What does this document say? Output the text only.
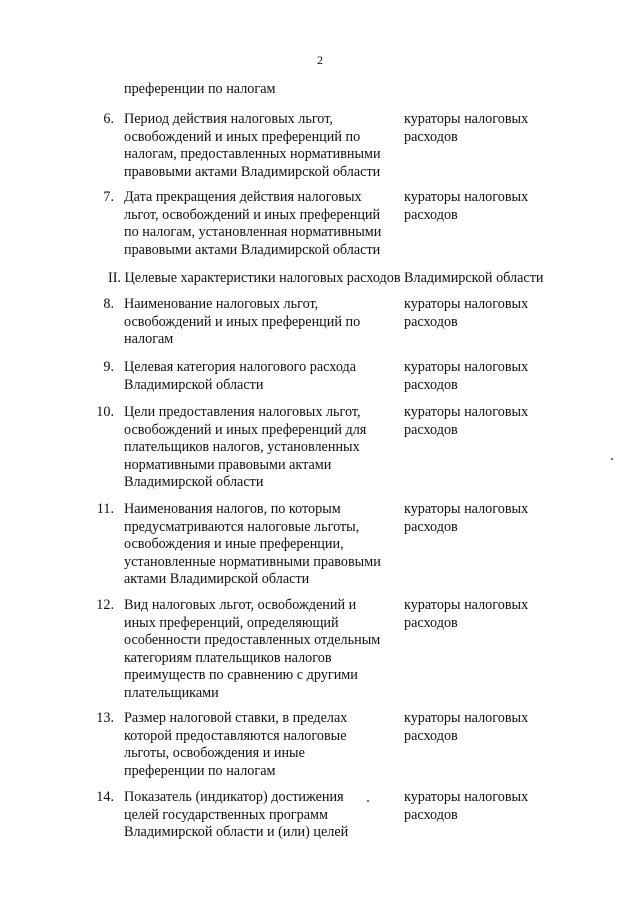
2
преференции по налогам
II. Целевые характеристики налоговых расходов Владимирской области
6. Период действия налоговых льгот,
освобождений и иных преференций по
налогам, предоставленных нормативными
правовыми актами Владимирской области
кураторы налоговых
расходов
7. Дата прекращения действия налоговых
льгот, освобождений и иных преференций
по налогам, установленная нормативными
правовыми актами Владимирской области
кураторы налоговых
расходов
8. Наименование налоговых льгот,
освобождений и иных преференций по
налогам
кураторы налоговых
расходов
9. Целевая категория налогового расхода
Владимирской области
кураторы налоговых
расходов
10. Цели предоставления налоговых льгот,
освобождений и иных преференций для
плательщиков налогов, установленных
нормативными правовыми актами
Владимирской области
кураторы налоговых
расходов
11. Наименования налогов, по которым
предусматриваются налоговые льготы,
освобождения и иные преференции,
установленные нормативными правовыми
актами Владимирской области
кураторы налоговых
расходов
12. Вид налоговых льгот, освобождений и
иных преференций, определяющий
особенности предоставленных отдельным
категориям плательщиков налогов
преимуществ по сравнению с другими
плательщиками
кураторы налоговых
расходов
13. Размер налоговой ставки, в пределах
которой предоставляются налоговые
льготы, освобождения и иные
преференции по налогам
кураторы налоговых
расходов
14. Показатель (индикатор) достижения
целей государственных программ
Владимирской области и (или) целей
кураторы налоговых
расходов
